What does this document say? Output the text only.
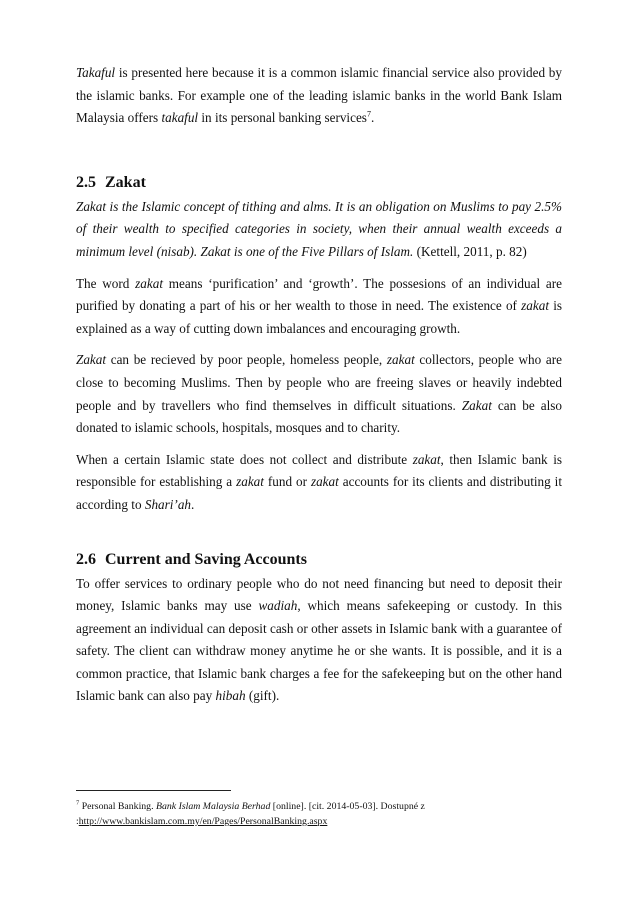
Takaful is presented here because it is a common islamic financial service also provided by the islamic banks. For example one of the leading islamic banks in the world Bank Islam Malaysia offers takaful in its personal banking services$^7$.

2.5 Zakat

Zakat is the Islamic concept of tithing and alms. It is an obligation on Muslims to pay 2.5% of their wealth to specified categories in society, when their annual wealth exceeds a minimum level (nisab). Zakat is one of the Five Pillars of Islam. (Kettell, 2011, p. 82)

The word zakat means ‘purification’ and ‘growth’. The possesions of an individual are purified by donating a part of his or her wealth to those in need. The existence of zakat is explained as a way of cutting down imbalances and encouraging growth.

Zakat can be recieved by poor people, homeless people, zakat collectors, people who are close to becoming Muslims. Then by people who are freeing slaves or heavily indebted people and by travellers who find themselves in difficult situations. Zakat can be also donated to islamic schools, hospitals, mosques and to charity.

When a certain Islamic state does not collect and distribute zakat, then Islamic bank is responsible for establishing a zakat fund or zakat accounts for its clients and distributing it according to Shari’ah.

2.6 Current and Saving Accounts

To offer services to ordinary people who do not need financing but need to deposit their money, Islamic banks may use wadiah, which means safekeeping or custody. In this agreement an individual can deposit cash or other assets in Islamic bank with a guarantee of safety. The client can withdraw money anytime he or she wants. It is possible, and it is a common practice, that Islamic bank charges a fee for the safekeeping but on the other hand Islamic bank can also pay hibah (gift).

$^7$ Personal Banking. Bank Islam Malaysia Berhad [online]. [cit. 2014-05-03]. Dostupné z
:http://www.bankislam.com.my/en/Pages/PersonalBanking.aspx
